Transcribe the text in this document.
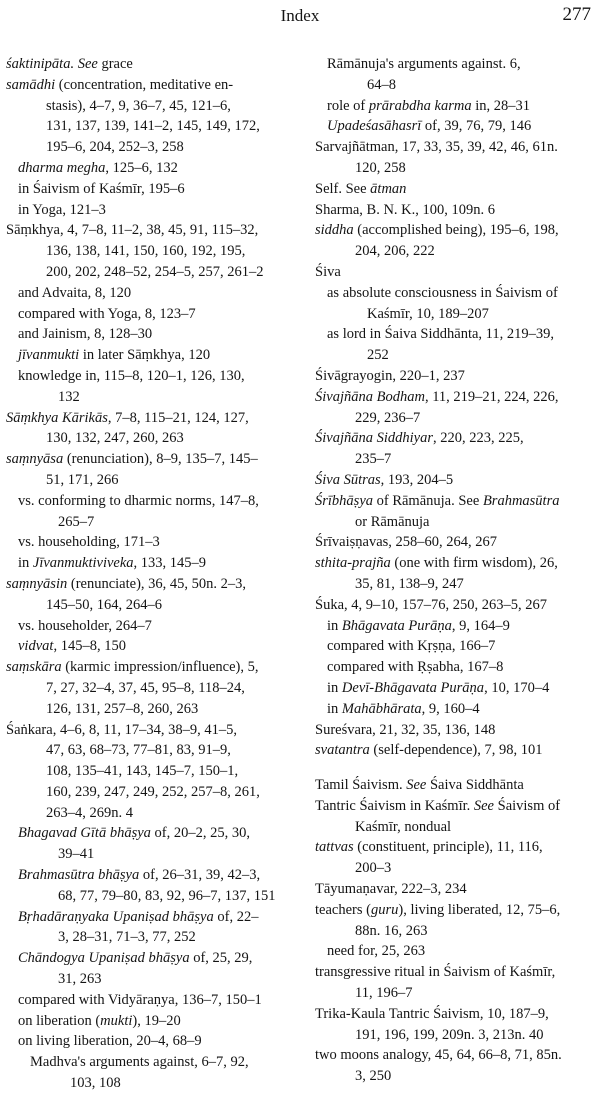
Index	277
śaktinipāta. See grace
samādhi (concentration, meditative en-
stasis), 4–7, 9, 36–7, 45, 121–6,
131, 137, 139, 141–2, 145, 149, 172,
195–6, 204, 252–3, 258
dharma megha, 125–6, 132
in Śaivism of Kaśmīr, 195–6
in Yoga, 121–3
Sāṃkhya, 4, 7–8, 11–2, 38, 45, 91, 115–32,
136, 138, 141, 150, 160, 192, 195,
200, 202, 248–52, 254–5, 257, 261–2
and Advaita, 8, 120
compared with Yoga, 8, 123–7
and Jainism, 8, 128–30
jīvanmukti in later Sāṃkhya, 120
knowledge in, 115–8, 120–1, 126, 130,
132
Sāṃkhya Kārikās, 7–8, 115–21, 124, 127,
130, 132, 247, 260, 263
saṃnyāsa (renunciation), 8–9, 135–7, 145–
51, 171, 266
vs. conforming to dharmic norms, 147–8,
265–7
vs. householding, 171–3
in Jīvanmuktiviveka, 133, 145–9
saṃnyāsin (renunciate), 36, 45, 50n. 2–3,
145–50, 164, 264–6
vs. householder, 264–7
vidvat, 145–8, 150
saṃskāra (karmic impression/influence), 5,
7, 27, 32–4, 37, 45, 95–8, 118–24,
126, 131, 257–8, 260, 263
Śaṅkara, 4–6, 8, 11, 17–34, 38–9, 41–5,
47, 63, 68–73, 77–81, 83, 91–9,
108, 135–41, 143, 145–7, 150–1,
160, 239, 247, 249, 252, 257–8, 261,
263–4, 269n. 4
Bhagavad Gītā bhāṣya of, 20–2, 25, 30,
39–41
Brahmasūtra bhāṣya of, 26–31, 39, 42–3,
68, 77, 79–80, 83, 92, 96–7, 137, 151
Bṛhadāraṇyaka Upaniṣad bhāṣya of, 22–
3, 28–31, 71–3, 77, 252
Chāndogya Upaniṣad bhāṣya of, 25, 29,
31, 263
compared with Vidyāraṇya, 136–7, 150–1
on liberation (mukti), 19–20
on living liberation, 20–4, 68–9
Madhva's arguments against, 6–7, 92,
103, 108
Rāmānuja's arguments against. 6,
64–8
role of prārabdha karma in, 28–31
Upadeśasāhasrī of, 39, 76, 79, 146
Sarvajñātman, 17, 33, 35, 39, 42, 46, 61n.
120, 258
Self. See ātman
Sharma, B. N. K., 100, 109n. 6
siddha (accomplished being), 195–6, 198,
204, 206, 222
Śiva
as absolute consciousness in Śaivism of
Kaśmīr, 10, 189–207
as lord in Śaiva Siddhānta, 11, 219–39,
252
Śivāgrayogin, 220–1, 237
Śivajñāna Bodham, 11, 219–21, 224, 226,
229, 236–7
Śivajñāna Siddhiyar, 220, 223, 225,
235–7
Śiva Sūtras, 193, 204–5
Śrībhāṣya of Rāmānuja. See Brahmasūtra
or Rāmānuja
Śrīvaiṣṇavas, 258–60, 264, 267
sthita-prajña (one with firm wisdom), 26,
35, 81, 138–9, 247
Śuka, 4, 9–10, 157–76, 250, 263–5, 267
in Bhāgavata Purāṇa, 9, 164–9
compared with Kṛṣṇa, 166–7
compared with Ṛṣabha, 167–8
in Devī-Bhāgavata Purāṇa, 10, 170–4
in Mahābhārata, 9, 160–4
Sureśvara, 21, 32, 35, 136, 148
svatantra (self-dependence), 7, 98, 101
Tamil Śaivism. See Śaiva Siddhānta
Tantric Śaivism in Kaśmīr. See Śaivism of
Kaśmīr, nondual
tattvas (constituent, principle), 11, 116,
200–3
Tāyumaṇavar, 222–3, 234
teachers (guru), living liberated, 12, 75–6,
88n. 16, 263
need for, 25, 263
transgressive ritual in Śaivism of Kaśmīr,
11, 196–7
Trika-Kaula Tantric Śaivism, 10, 187–9,
191, 196, 199, 209n. 3, 213n. 40
two moons analogy, 45, 64, 66–8, 71, 85n.
3, 250
